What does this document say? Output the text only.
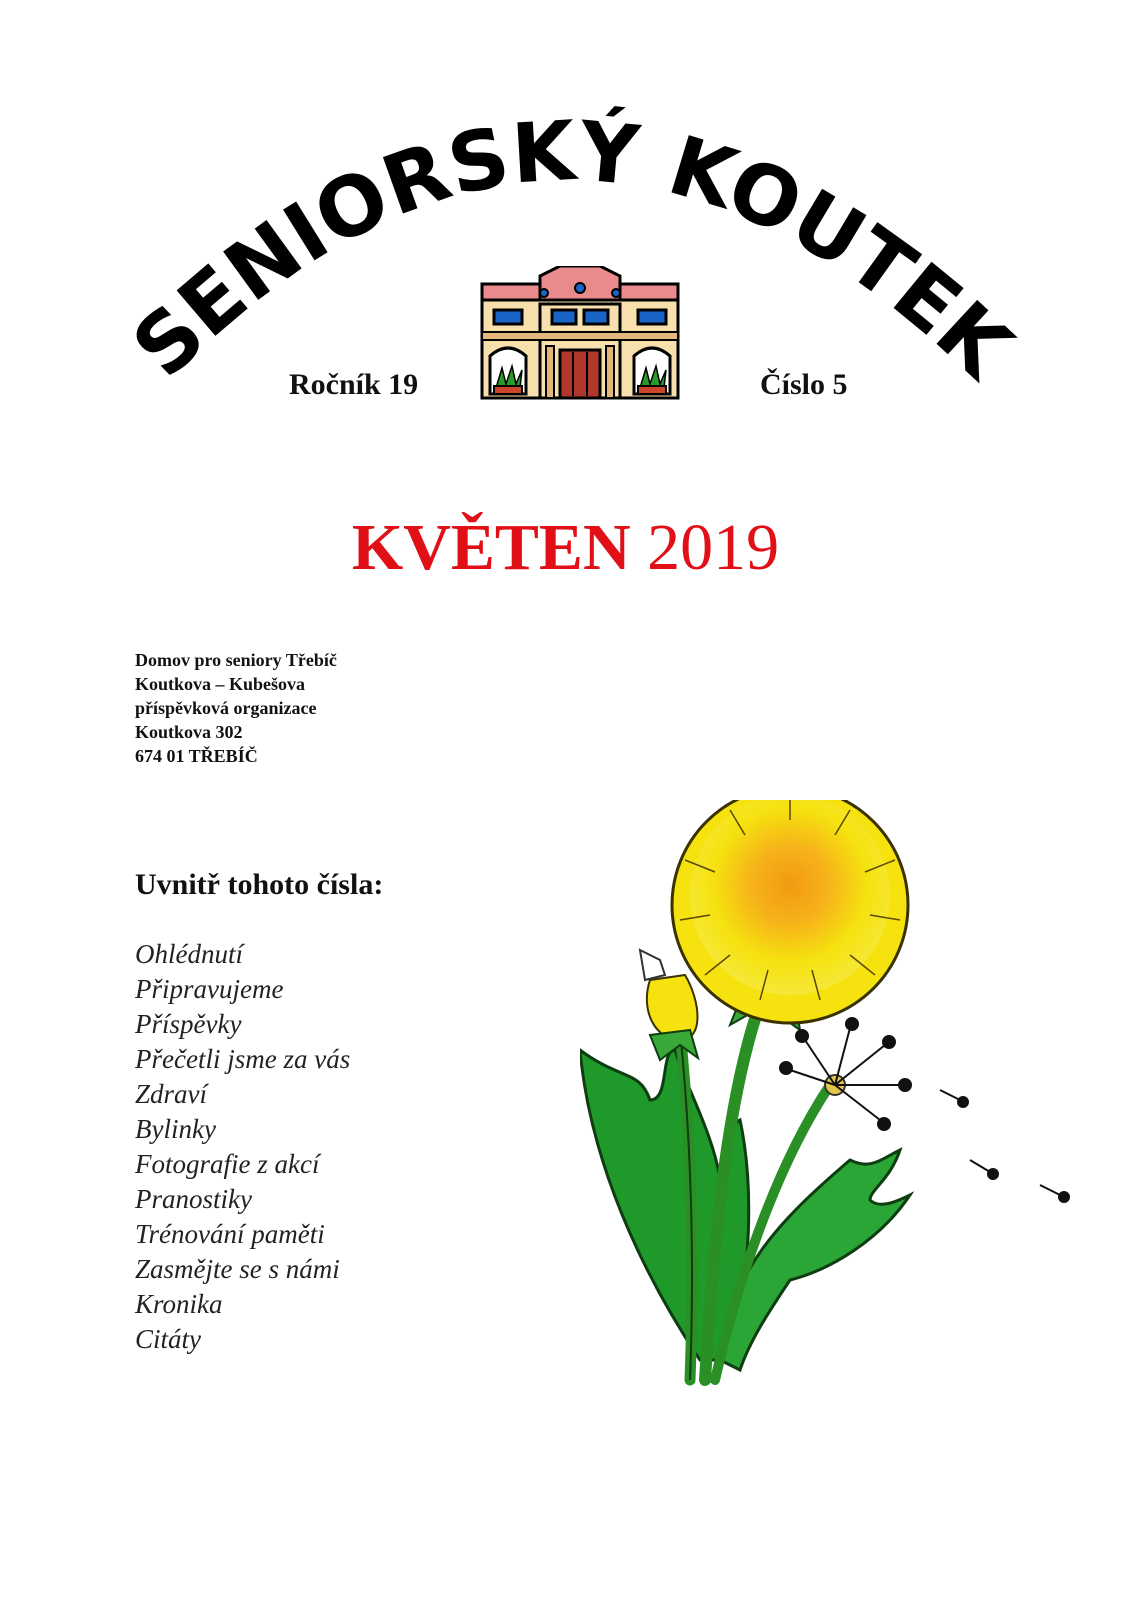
SENIORSKÝ KOUTEK
Ročník 19	Číslo 5
KVĚTEN 2019
Domov pro seniory Třebíč
Koutkova – Kubešova
příspěvková organizace
Koutkova 302
674 01 TŘEBÍČ
Uvnitř tohoto čísla:
Ohlédnutí
Připravujeme
Příspěvky
Přečetli jsme za vás
Zdraví
Bylinky
Fotografie z akcí
Pranostiky
Trénování paměti
Zasmějte se s námi
Kronika
Citáty
